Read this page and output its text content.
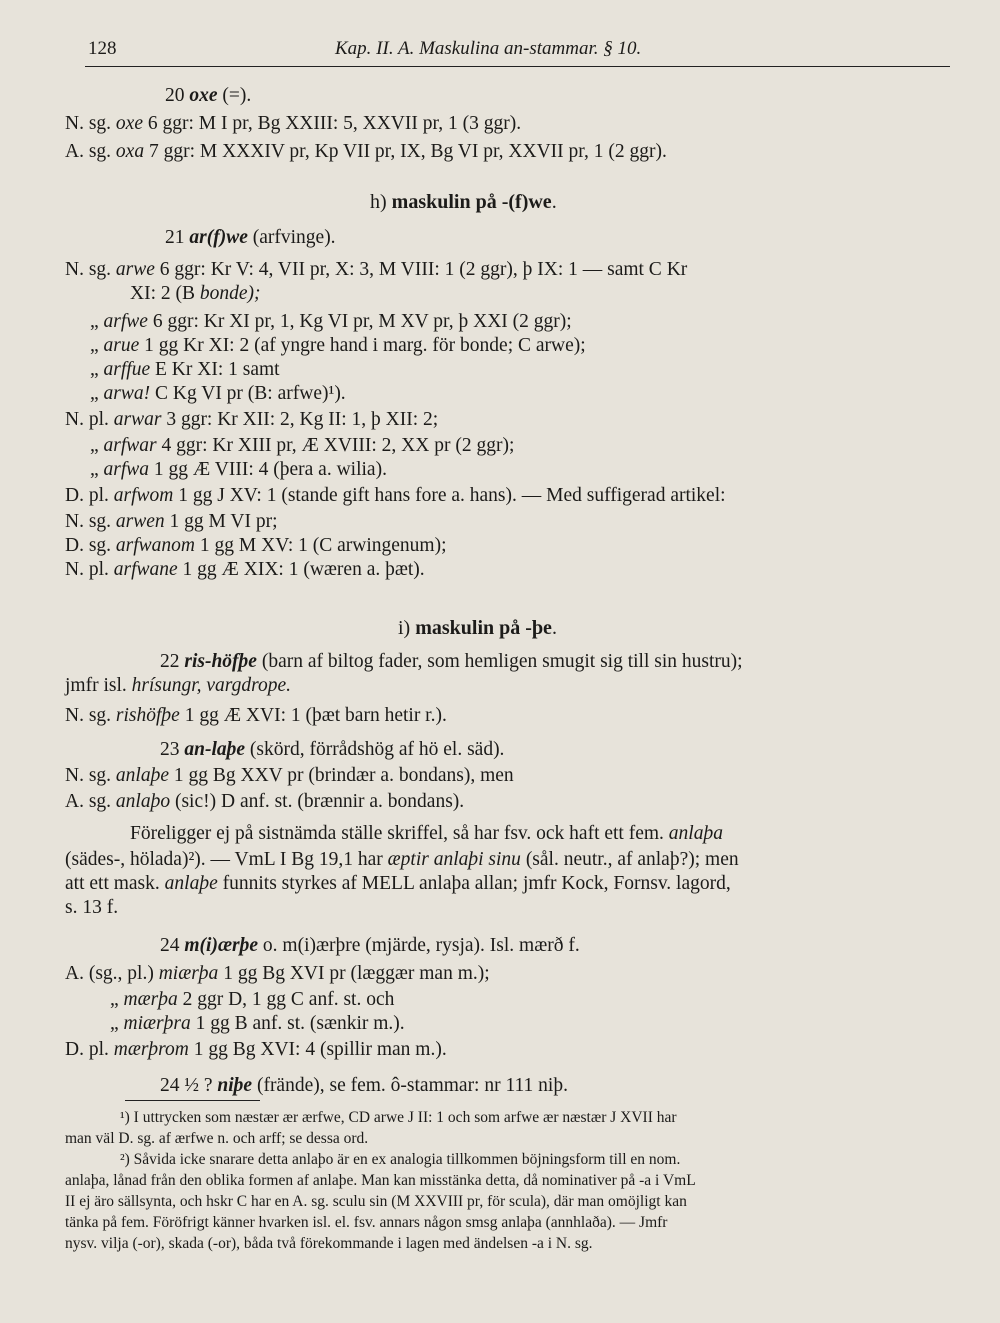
128	Kap. II. A. Maskulina an-stammar. § 10.
20 oxe (=).
N. sg. oxe 6 ggr: M I pr, Bg XXIII: 5, XXVII pr, 1 (3 ggr).
A. sg. oxa 7 ggr: M XXXIV pr, Kp VII pr, IX, Bg VI pr, XXVII pr, 1 (2 ggr).
h) maskulin på -(f)we.
21 ar(f)we (arfvinge).
N. sg. arwe 6 ggr: Kr V: 4, VII pr, X: 3, M VIII: 1 (2 ggr), þ IX: 1 — samt C Kr
XI: 2 (B bonde);
„ arfwe 6 ggr: Kr XI pr, 1, Kg VI pr, M XV pr, þ XXI (2 ggr);
„ arue 1 gg Kr XI: 2 (af yngre hand i marg. för bonde; C arwe);
„ arffue E Kr XI: 1 samt
„ arwa! C Kg VI pr (B: arfwe)¹).
N. pl. arwar 3 ggr: Kr XII: 2, Kg II: 1, þ XII: 2;
„ arfwar 4 ggr: Kr XIII pr, Æ XVIII: 2, XX pr (2 ggr);
„ arfwa 1 gg Æ VIII: 4 (þera a. wilia).
D. pl. arfwom 1 gg J XV: 1 (stande gift hans fore a. hans). — Med suffigerad artikel:
N. sg. arwen 1 gg M VI pr;
D. sg. arfwanom 1 gg M XV: 1 (C arwingenum);
N. pl. arfwane 1 gg Æ XIX: 1 (wæren a. þæt).
i) maskulin på -þe.
22 ris-höfþe (barn af biltog fader, som hemligen smugit sig till sin hustru);
jmfr isl. hrísungr, vargdrope.
N. sg. rishöfþe 1 gg Æ XVI: 1 (þæt barn hetir r.).
23 an-laþe (skörd, förrådshög af hö el. säd).
N. sg. anlaþe 1 gg Bg XXV pr (brindær a. bondans), men
A. sg. anlaþo (sic!) D anf. st. (brænnir a. bondans).
Föreligger ej på sistnämda ställe skriffel, så har fsv. ock haft ett fem. anlaþa
(sädes-, hölada)²). — VmL I Bg 19,1 har æptir anlaþi sinu (sål. neutr., af anlaþ?); men
att ett mask. anlaþe funnits styrkes af MELL anlaþa allan; jmfr Kock, Fornsv. lagord,
s. 13 f.
24 m(i)ærþe o. m(i)ærþre (mjärde, rysja). Isl. mærð f.
A. (sg., pl.) miærþa 1 gg Bg XVI pr (læggær man m.);
„ mærþa 2 ggr D, 1 gg C anf. st. och
„ miærþra 1 gg B anf. st. (sænkir m.).
D. pl. mærþrom 1 gg Bg XVI: 4 (spillir man m.).
24 ½ ? niþe (frände), se fem. ô-stammar: nr 111 niþ.
¹) I uttrycken som næstær ær ærfwe, CD arwe J II: 1 och som arfwe ær næstær J XVII har
man väl D. sg. af ærfwe n. och arff; se dessa ord.
²) Såvida icke snarare detta anlaþo är en ex analogia tillkommen böjningsform till en nom.
anlaþa, lånad från den oblika formen af anlaþe. Man kan misstänka detta, då nominativer på -a i VmL
II ej äro sällsynta, och hskr C har en A. sg. sculu sin (M XXVIII pr, för scula), där man omöjligt kan
tänka på fem. Föröfrigt känner hvarken isl. el. fsv. annars någon smsg anlaþa (annhlaða). — Jmfr
nysv. vilja (-or), skada (-or), båda två förekommande i lagen med ändelsen -a i N. sg.
